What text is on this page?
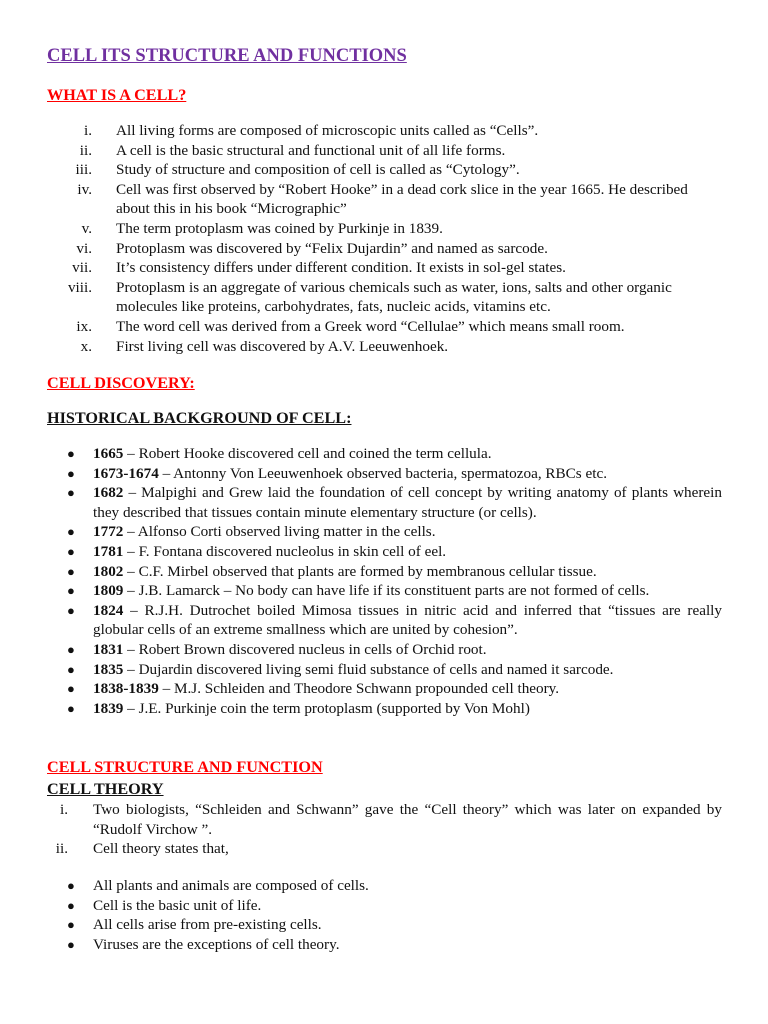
CELL ITS STRUCTURE AND FUNCTIONS
WHAT IS A CELL?
i. All living forms are composed of microscopic units called as “Cells”.
ii. A cell is the basic structural and functional unit of all life forms.
iii. Study of structure and composition of cell is called as “Cytology”.
iv. Cell was first observed by “Robert Hooke” in a dead cork slice in the year 1665. He described about this in his book “Micrographic”
v. The term protoplasm was coined by Purkinje in 1839.
vi. Protoplasm was discovered by “Felix Dujardin” and named as sarcode.
vii. It’s consistency differs under different condition. It exists in sol-gel states.
viii. Protoplasm is an aggregate of various chemicals such as water, ions, salts and other organic molecules like proteins, carbohydrates, fats, nucleic acids, vitamins etc.
ix. The word cell was derived from a Greek word “Cellulae” which means small room.
x. First living cell was discovered by A.V. Leeuwenhoek.
CELL DISCOVERY:
HISTORICAL BACKGROUND OF CELL:
● 1665 – Robert Hooke discovered cell and coined the term cellula.
● 1673-1674 – Antonny Von Leeuwenhoek observed bacteria, spermatozoa, RBCs etc.
● 1682 – Malpighi and Grew laid the foundation of cell concept by writing anatomy of plants wherein they described that tissues contain minute elementary structure (or cells).
● 1772 – Alfonso Corti observed living matter in the cells.
● 1781 – F. Fontana discovered nucleolus in skin cell of eel.
● 1802 – C.F. Mirbel observed that plants are formed by membranous cellular tissue.
● 1809 – J.B. Lamarck – No body can have life if its constituent parts are not formed of cells.
● 1824 – R.J.H. Dutrochet boiled Mimosa tissues in nitric acid and inferred that “tissues are really globular cells of an extreme smallness which are united by cohesion”.
● 1831 – Robert Brown discovered nucleus in cells of Orchid root.
● 1835 – Dujardin discovered living semi fluid substance of cells and named it sarcode.
● 1838-1839 – M.J. Schleiden and Theodore Schwann propounded cell theory.
● 1839 – J.E. Purkinje coin the term protoplasm (supported by Von Mohl)
CELL STRUCTURE AND FUNCTION
CELL THEORY
i. Two biologists, “Schleiden and Schwann” gave the “Cell theory” which was later on expanded by “Rudolf Virchow ”.
ii. Cell theory states that,
● All plants and animals are composed of cells.
● Cell is the basic unit of life.
● All cells arise from pre-existing cells.
● Viruses are the exceptions of cell theory.
